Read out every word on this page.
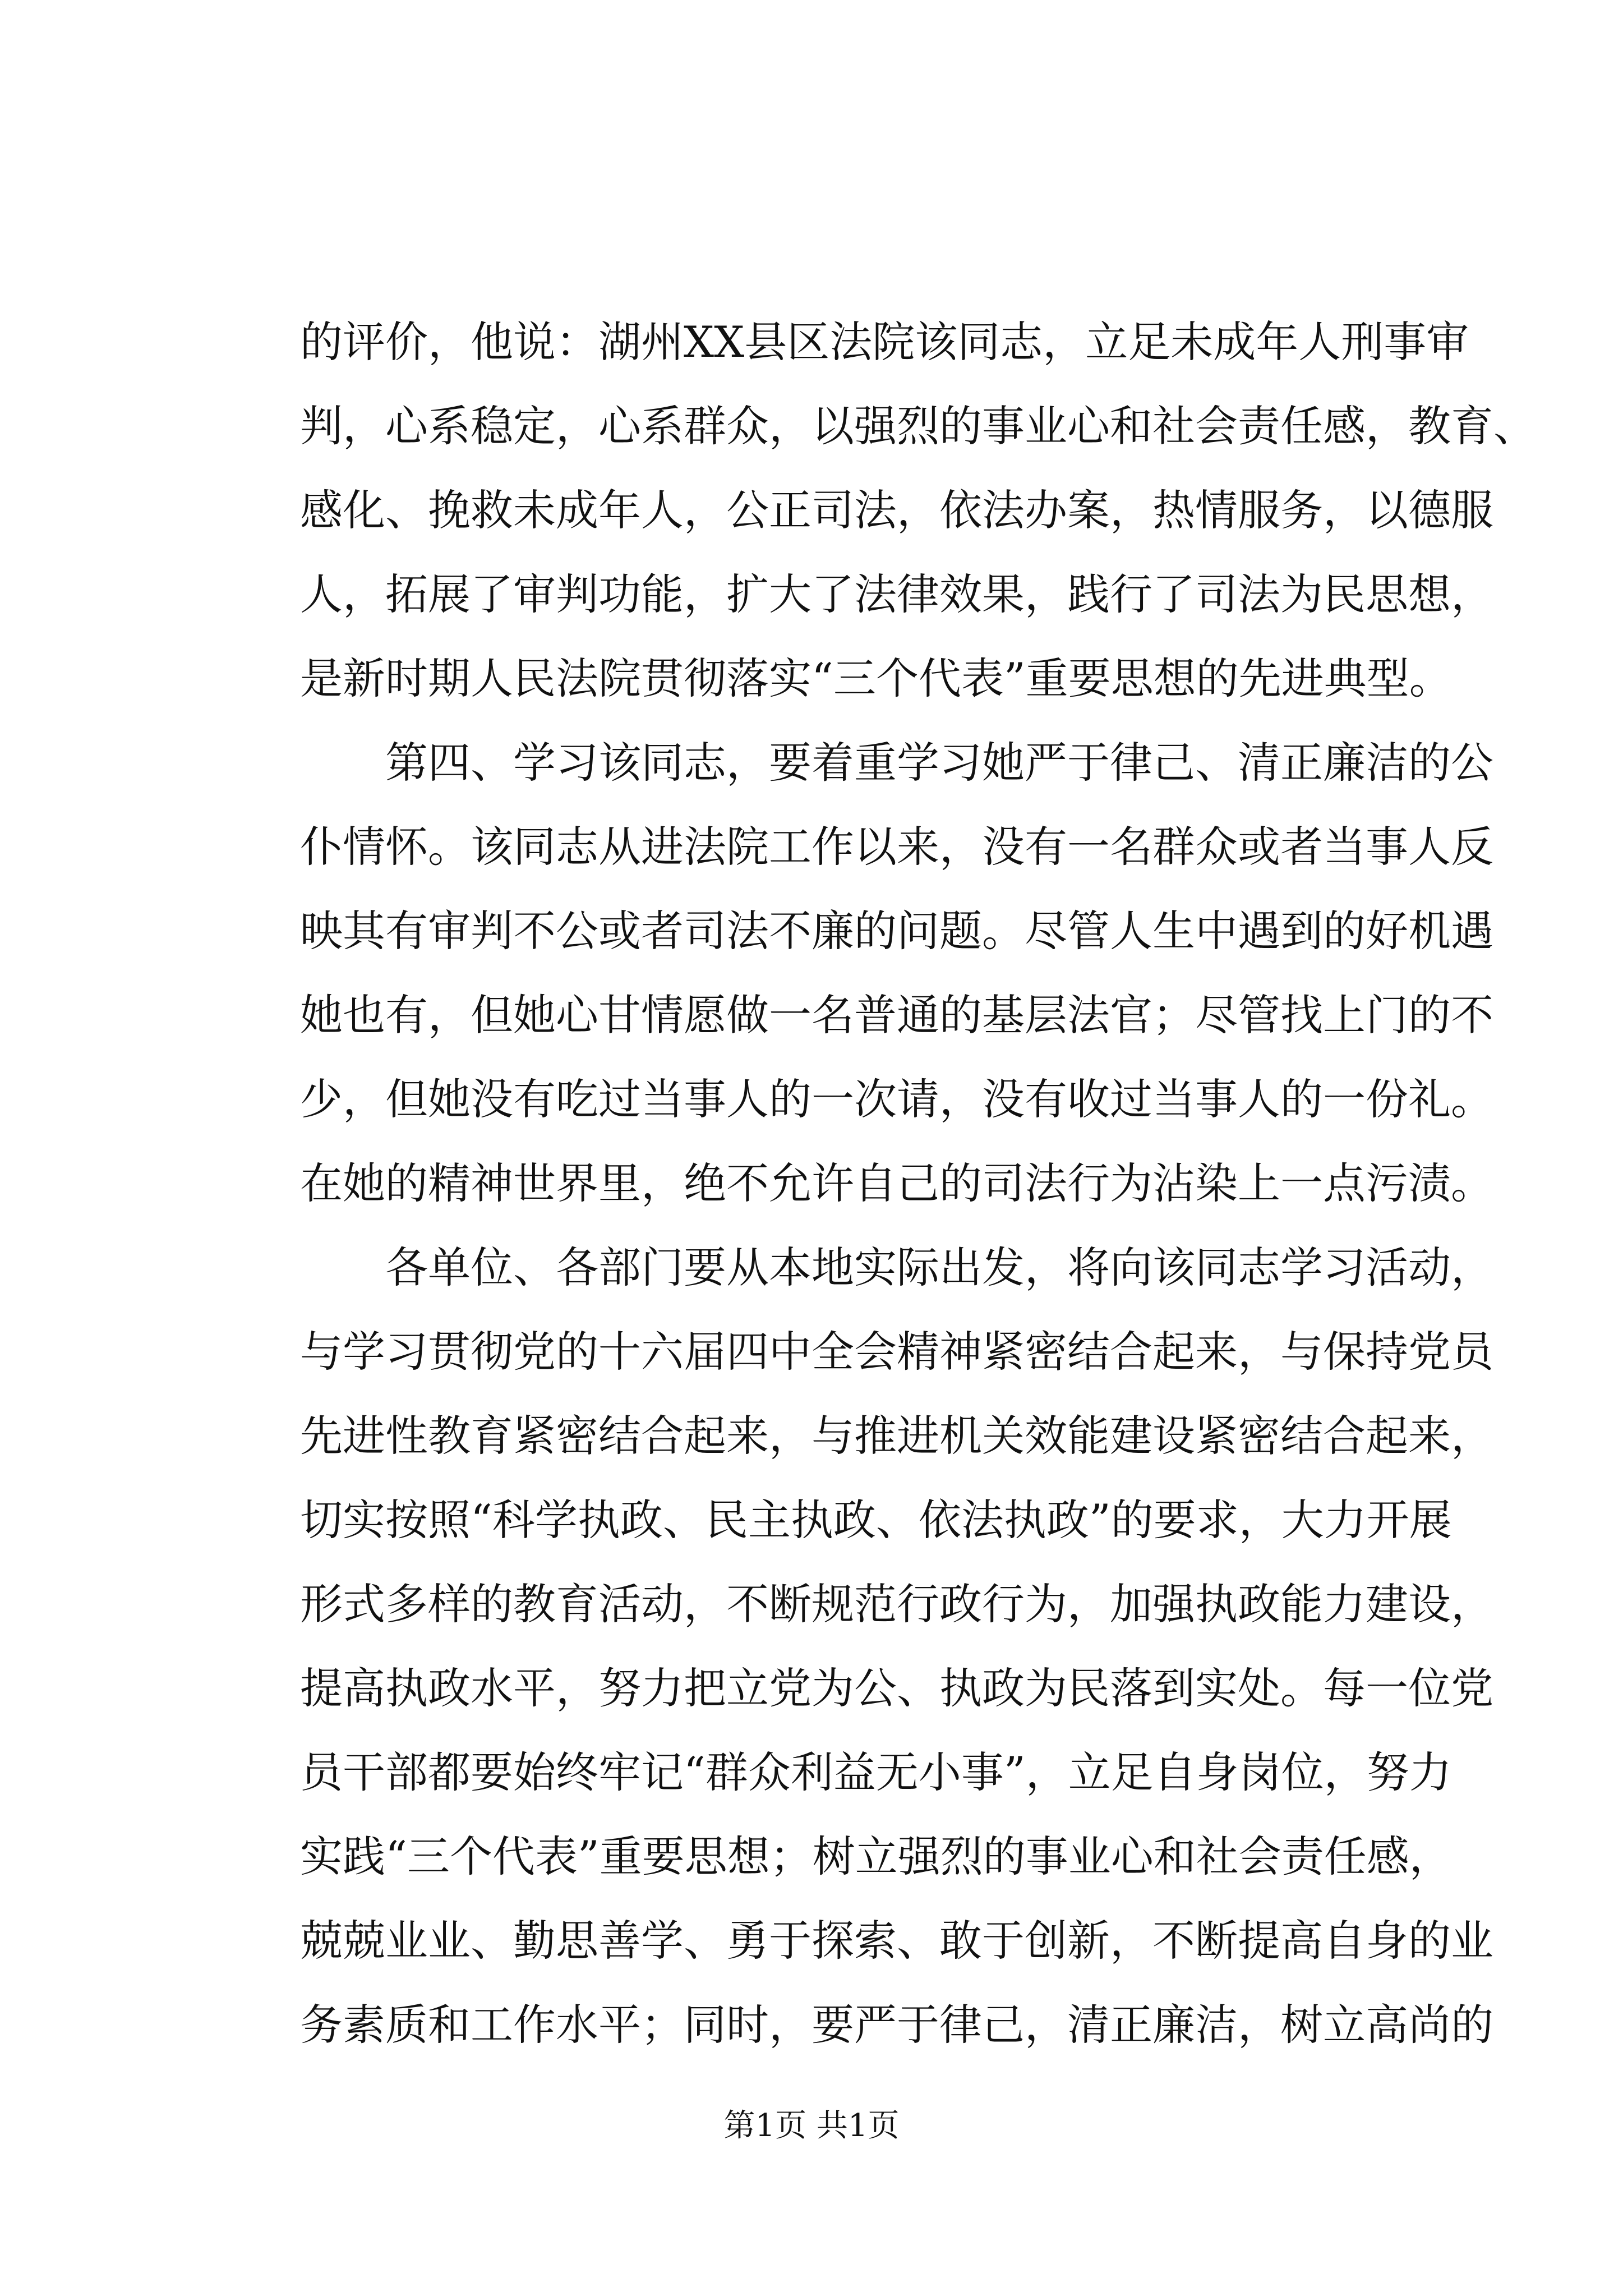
的评价，他说：湖州XX县区法院该同志，立足未成年人刑事审
判，心系稳定，心系群众，以强烈的事业心和社会责任感，教育、
感化、挽救未成年人，公正司法，依法办案，热情服务，以德服
人，拓展了审判功能，扩大了法律效果，践行了司法为民思想，
是新时期人民法院贯彻落实“三个代表”重要思想的先进典型。
　　第四、学习该同志，要着重学习她严于律己、清正廉洁的公
仆情怀。该同志从进法院工作以来，没有一名群众或者当事人反
映其有审判不公或者司法不廉的问题。尽管人生中遇到的好机遇
她也有，但她心甘情愿做一名普通的基层法官；尽管找上门的不
少，但她没有吃过当事人的一次请，没有收过当事人的一份礼。
在她的精神世界里，绝不允许自己的司法行为沾染上一点污渍。
　　各单位、各部门要从本地实际出发，将向该同志学习活动，
与学习贯彻党的十六届四中全会精神紧密结合起来，与保持党员
先进性教育紧密结合起来，与推进机关效能建设紧密结合起来，
切实按照“科学执政、民主执政、依法执政”的要求，大力开展
形式多样的教育活动，不断规范行政行为，加强执政能力建设，
提高执政水平，努力把立党为公、执政为民落到实处。每一位党
员干部都要始终牢记“群众利益无小事”，立足自身岗位，努力
实践“三个代表”重要思想；树立强烈的事业心和社会责任感，
兢兢业业、勤思善学、勇于探索、敢于创新，不断提高自身的业
务素质和工作水平；同时，要严于律己，清正廉洁，树立高尚的
第1页 共1页
